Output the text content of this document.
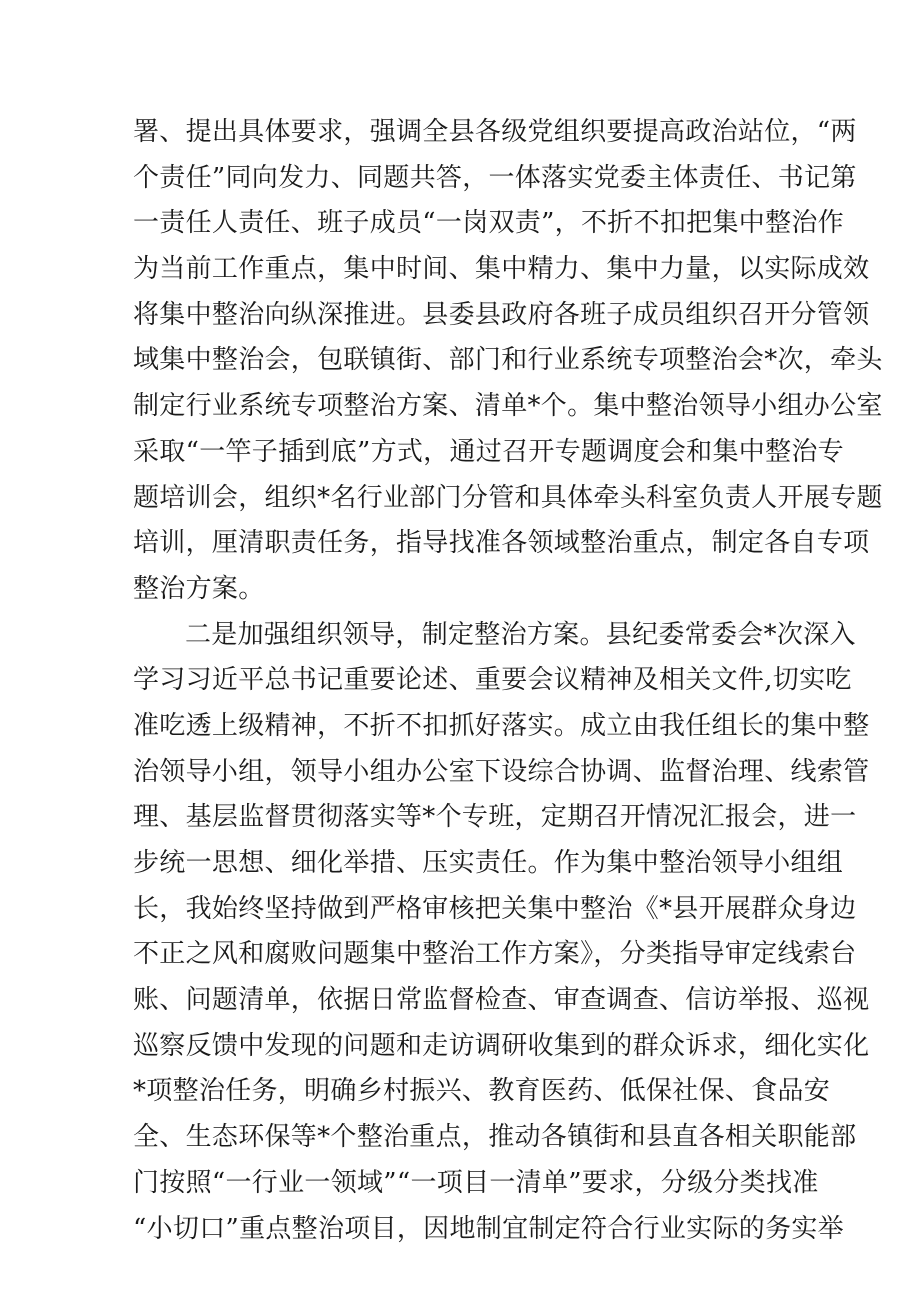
署、提出具体要求，强调全县各级党组织要提高政治站位，“两
个责任”同向发力、同题共答，一体落实党委主体责任、书记第
一责任人责任、班子成员“一岗双责”，不折不扣把集中整治作
为当前工作重点，集中时间、集中精力、集中力量，以实际成效
将集中整治向纵深推进。县委县政府各班子成员组织召开分管领
域集中整治会，包联镇街、部门和行业系统专项整治会*次，牵头
制定行业系统专项整治方案、清单*个。集中整治领导小组办公室
采取“一竿子插到底”方式，通过召开专题调度会和集中整治专
题培训会，组织*名行业部门分管和具体牵头科室负责人开展专题
培训，厘清职责任务，指导找准各领域整治重点，制定各自专项
整治方案。
二是加强组织领导，制定整治方案。县纪委常委会*次深入
学习习近平总书记重要论述、重要会议精神及相关文件,切实吃
准吃透上级精神，不折不扣抓好落实。成立由我任组长的集中整
治领导小组，领导小组办公室下设综合协调、监督治理、线索管
理、基层监督贯彻落实等*个专班，定期召开情况汇报会，进一
步统一思想、细化举措、压实责任。作为集中整治领导小组组
长，我始终坚持做到严格审核把关集中整治《*县开展群众身边
不正之风和腐败问题集中整治工作方案》，分类指导审定线索台
账、问题清单，依据日常监督检查、审查调查、信访举报、巡视
巡察反馈中发现的问题和走访调研收集到的群众诉求，细化实化
*项整治任务，明确乡村振兴、教育医药、低保社保、食品安
全、生态环保等*个整治重点，推动各镇街和县直各相关职能部
门按照“一行业一领域”“一项目一清单”要求，分级分类找准
“小切口”重点整治项目，因地制宜制定符合行业实际的务实举
